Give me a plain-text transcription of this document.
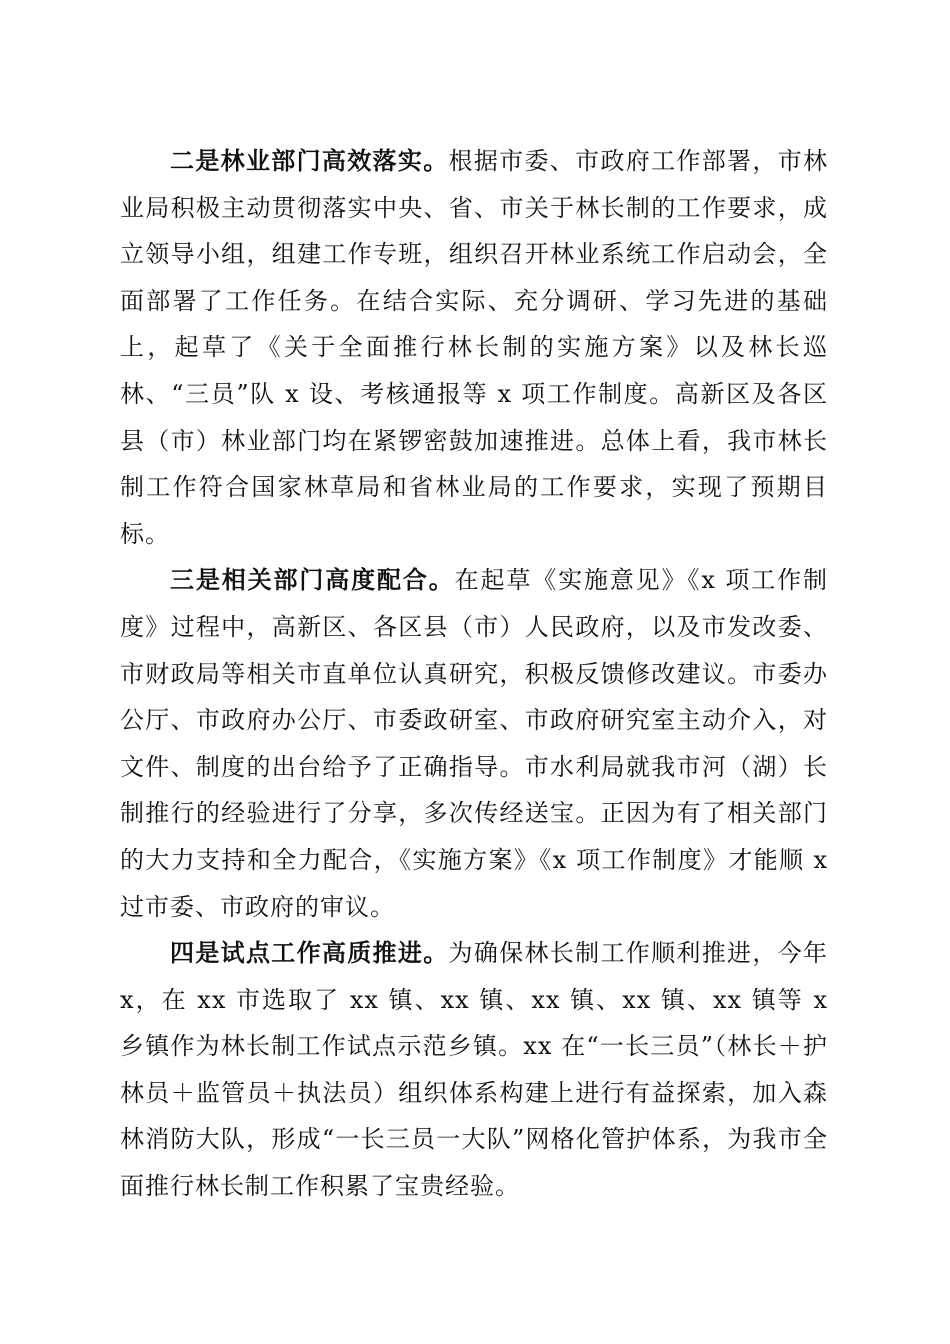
二是林业部门高效落实。根据市委、市政府工作部署，市林业局积极主动贯彻落实中央、省、市关于林长制的工作要求，成立领导小组，组建工作专班，组织召开林业系统工作启动会，全面部署了工作任务。在结合实际、充分调研、学习先进的基础上，起草了《关于全面推行林长制的实施方案》以及林长巡林、“三员”队 x 设、考核通报等 x 项工作制度。高新区及各区县（市）林业部门均在紧锣密鼓加速推进。总体上看，我市林长制工作符合国家林草局和省林业局的工作要求，实现了预期目标。

三是相关部门高度配合。在起草《实施意见》《x 项工作制度》过程中，高新区、各区县（市）人民政府，以及市发改委、市财政局等相关市直单位认真研究，积极反馈修改建议。市委办公厅、市政府办公厅、市委政研室、市政府研究室主动介入，对文件、制度的出台给予了正确指导。市水利局就我市河（湖）长制推行的经验进行了分享，多次传经送宝。正因为有了相关部门的大力支持和全力配合，《实施方案》《x 项工作制度》才能顺 x 过市委、市政府的审议。

四是试点工作高质推进。为确保林长制工作顺利推进，今年 x，在 xx 市选取了 xx 镇、xx 镇、xx 镇、xx 镇、xx 镇等 x 乡镇作为林长制工作试点示范乡镇。xx 在“一长三员”（林长＋护林员＋监管员＋执法员）组织体系构建上进行有益探索，加入森林消防大队，形成“一长三员一大队”网格化管护体系，为我市全面推行林长制工作积累了宝贵经验。
